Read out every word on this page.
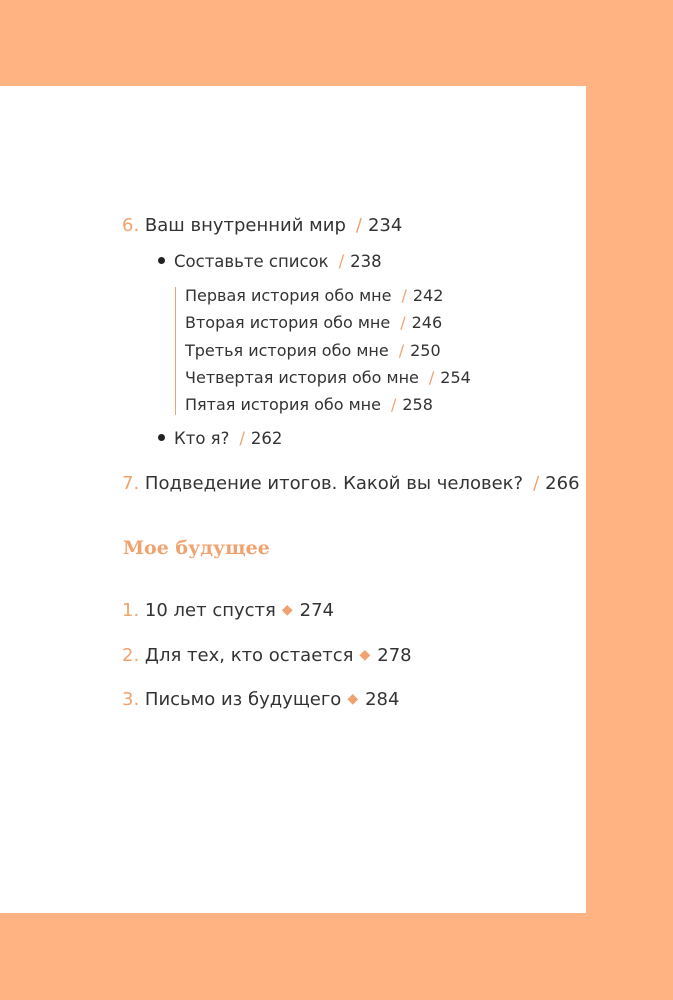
6. Ваш внутренний мир / 234
Составьте список / 238
Первая история обо мне / 242
Вторая история обо мне / 246
Третья история обо мне / 250
Четвертая история обо мне / 254
Пятая история обо мне / 258
Кто я? / 262
7. Подведение итогов. Какой вы человек? / 266
Мое будущее
1. 10 лет спустя ◆ 274
2. Для тех, кто остается ◆ 278
3. Письмо из будущего ◆ 284
